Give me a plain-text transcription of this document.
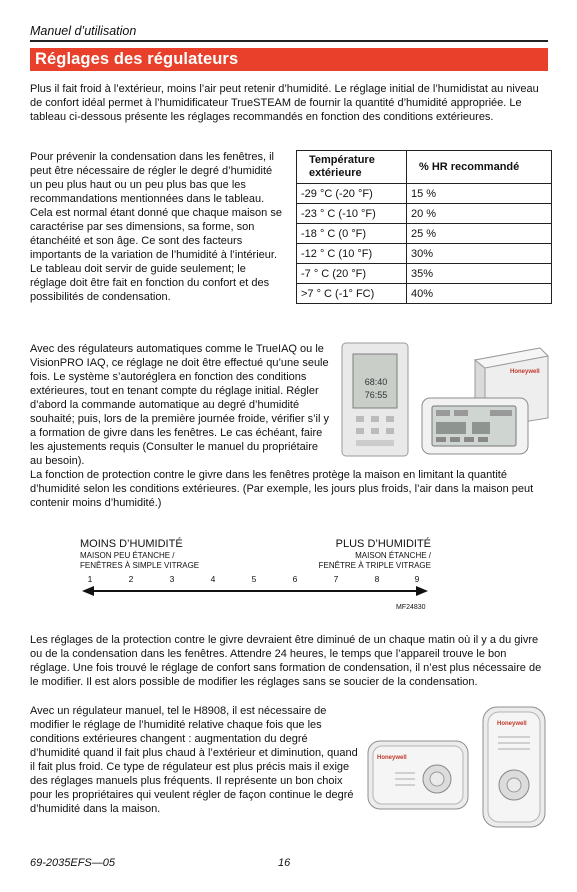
Manuel d’utilisation
Réglages des régulateurs

Plus il fait froid à l’extérieur, moins l’air peut retenir d’humidité. Le réglage initial de l’humidistat au niveau de confort idéal permet à l’humidificateur TrueSTEAM de fournir la quantité d’humidité appropriée. Le tableau ci-dessous présente les réglages recommandés en fonction des conditions extérieures.

Pour prévenir la condensation dans les fenêtres, il peut être nécessaire de régler le degré d’humidité un peu plus haut ou un peu plus bas que les recommandations mentionnées dans le tableau. Cela est normal étant donné que chaque maison se caractérise par ses dimensions, sa forme, son étanchéité et son âge. Ce sont des facteurs importants de la variation de l’humidité à l’intérieur. Le tableau doit servir de guide seulement; le réglage doit être fait en fonction du confort et des possibilités de condensation.

Température extérieure	% HR recommandé
-29 °C (-20 °F)	15 %
-23 ° C (-10 °F)	20 %
-18 ° C (0 °F)	25 %
-12 ° C (10 °F)	30%
-7 ° C (20 °F)	35%
>7 ° C (-1° FC)	40%

Avec des régulateurs automatiques comme le TrueIAQ ou le VisionPRO IAQ, ce réglage ne doit être effectué qu’une seule fois. Le système s’autoréglera en fonction des conditions extérieures, tout en tenant compte du réglage initial. Régler d’abord la commande automatique au degré d’humidité souhaité; puis, lors de la première journée froide, vérifier s’il y a formation de givre dans les fenêtres. Le cas échéant, faire les ajustements requis (Consulter le manuel du propriétaire au besoin).

68:40
76:55
Honeywell

La fonction de protection contre le givre dans les fenêtres protège la maison en limitant la quantité d’humidité selon les conditions extérieures. (Par exemple, les jours plus froids, l’air dans la maison peut contenir moins d’humidité.)

MOINS D’HUMIDITÉ
MAISON PEU ÉTANCHE /
FENÊTRES À SIMPLE VITRAGE
PLUS D’HUMIDITÉ
MAISON ÉTANCHE /
FENÊTRE À TRIPLE VITRAGE
1	2	3	4	5	6	7	8	9
MF24830

Les réglages de la protection contre le givre devraient être diminué de un chaque matin où il y a du givre ou de la condensation dans les fenêtres. Attendre 24 heures, le temps que l’appareil trouve le bon réglage. Une fois trouvé le réglage de confort sans formation de condensation, il n’est plus nécessaire de le modifier. Il est alors possible de modifier les réglages sans se soucier de la condensation.

Avec un régulateur manuel, tel le H8908, il est nécessaire de modifier le réglage de l’humidité relative chaque fois que les conditions extérieures changent : augmentation du degré d’humidité quand il fait plus chaud à l’extérieur et diminution, quand il fait plus froid. Ce type de régulateur est plus précis mais il exige des réglages manuels plus fréquents. Il représente un bon choix pour les propriétaires qui veulent régler de façon continue le degré d’humidité dans la maison.

Honeywell
Honeywell
69-2035EFS—05	16
